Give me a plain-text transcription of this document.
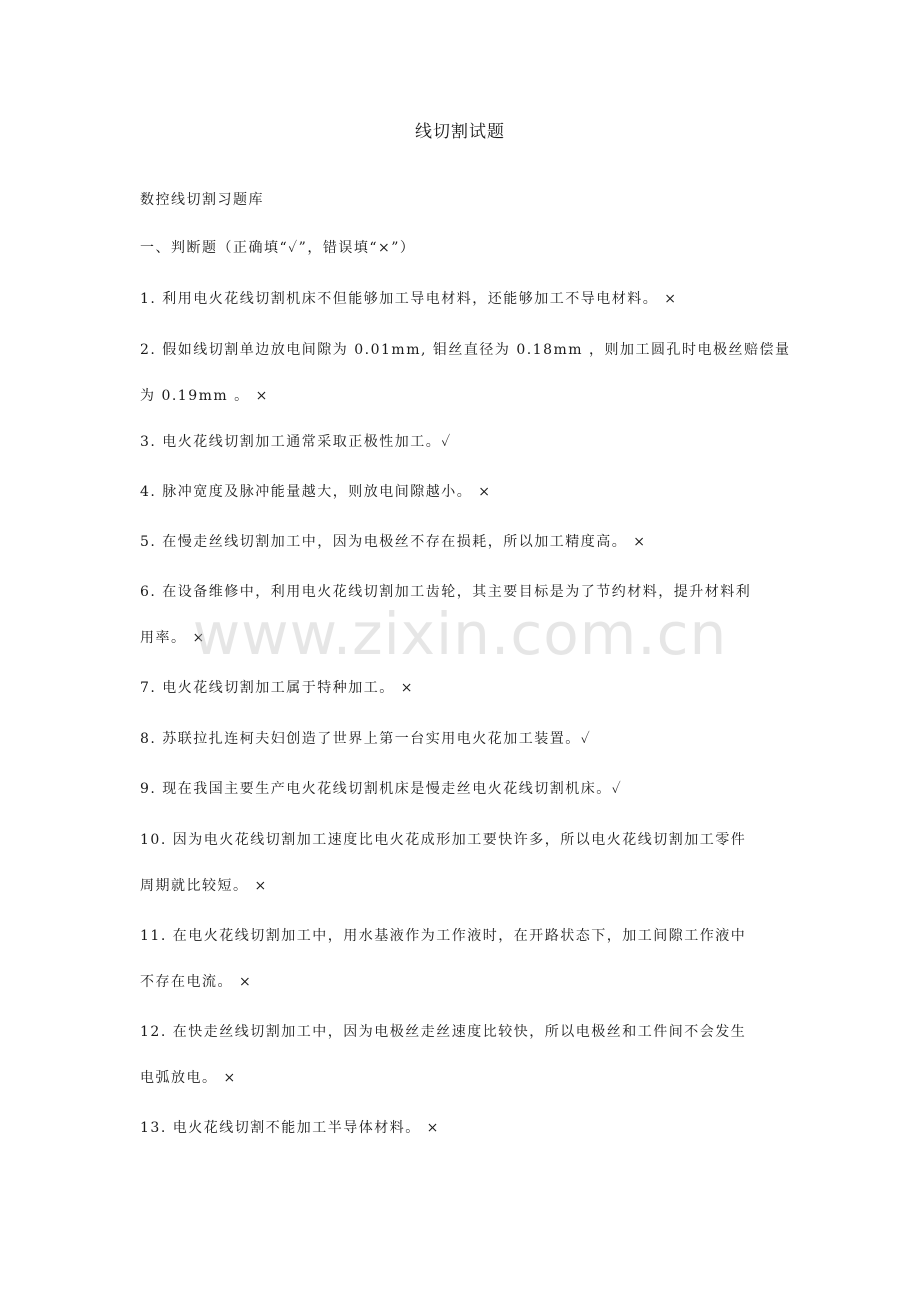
线切割试题
数控线切割习题库
一、判断题（正确填“✓”，错误填“×”）
1. 利用电火花线切割机床不但能够加工导电材料，还能够加工不导电材料。 ×
2. 假如线切割单边放电间隙为 0.01mm, 钼丝直径为 0.18mm ，则加工圆孔时电极丝赔偿量
为 0.19mm 。 ×
3. 电火花线切割加工通常采取正极性加工。✓
4. 脉冲宽度及脉冲能量越大，则放电间隙越小。 ×
5. 在慢走丝线切割加工中，因为电极丝不存在损耗，所以加工精度高。 ×
6. 在设备维修中，利用电火花线切割加工齿轮，其主要目标是为了节约材料，提升材料利
用率。 ×
7. 电火花线切割加工属于特种加工。 ×
8. 苏联拉扎连柯夫妇创造了世界上第一台实用电火花加工装置。✓
9. 现在我国主要生产电火花线切割机床是慢走丝电火花线切割机床。✓
10. 因为电火花线切割加工速度比电火花成形加工要快许多，所以电火花线切割加工零件
周期就比较短。 ×
11. 在电火花线切割加工中，用水基液作为工作液时，在开路状态下，加工间隙工作液中
不存在电流。 ×
12. 在快走丝线切割加工中，因为电极丝走丝速度比较快，所以电极丝和工件间不会发生
电弧放电。 ×
13. 电火花线切割不能加工半导体材料。 ×
www.zixin.com.cn
